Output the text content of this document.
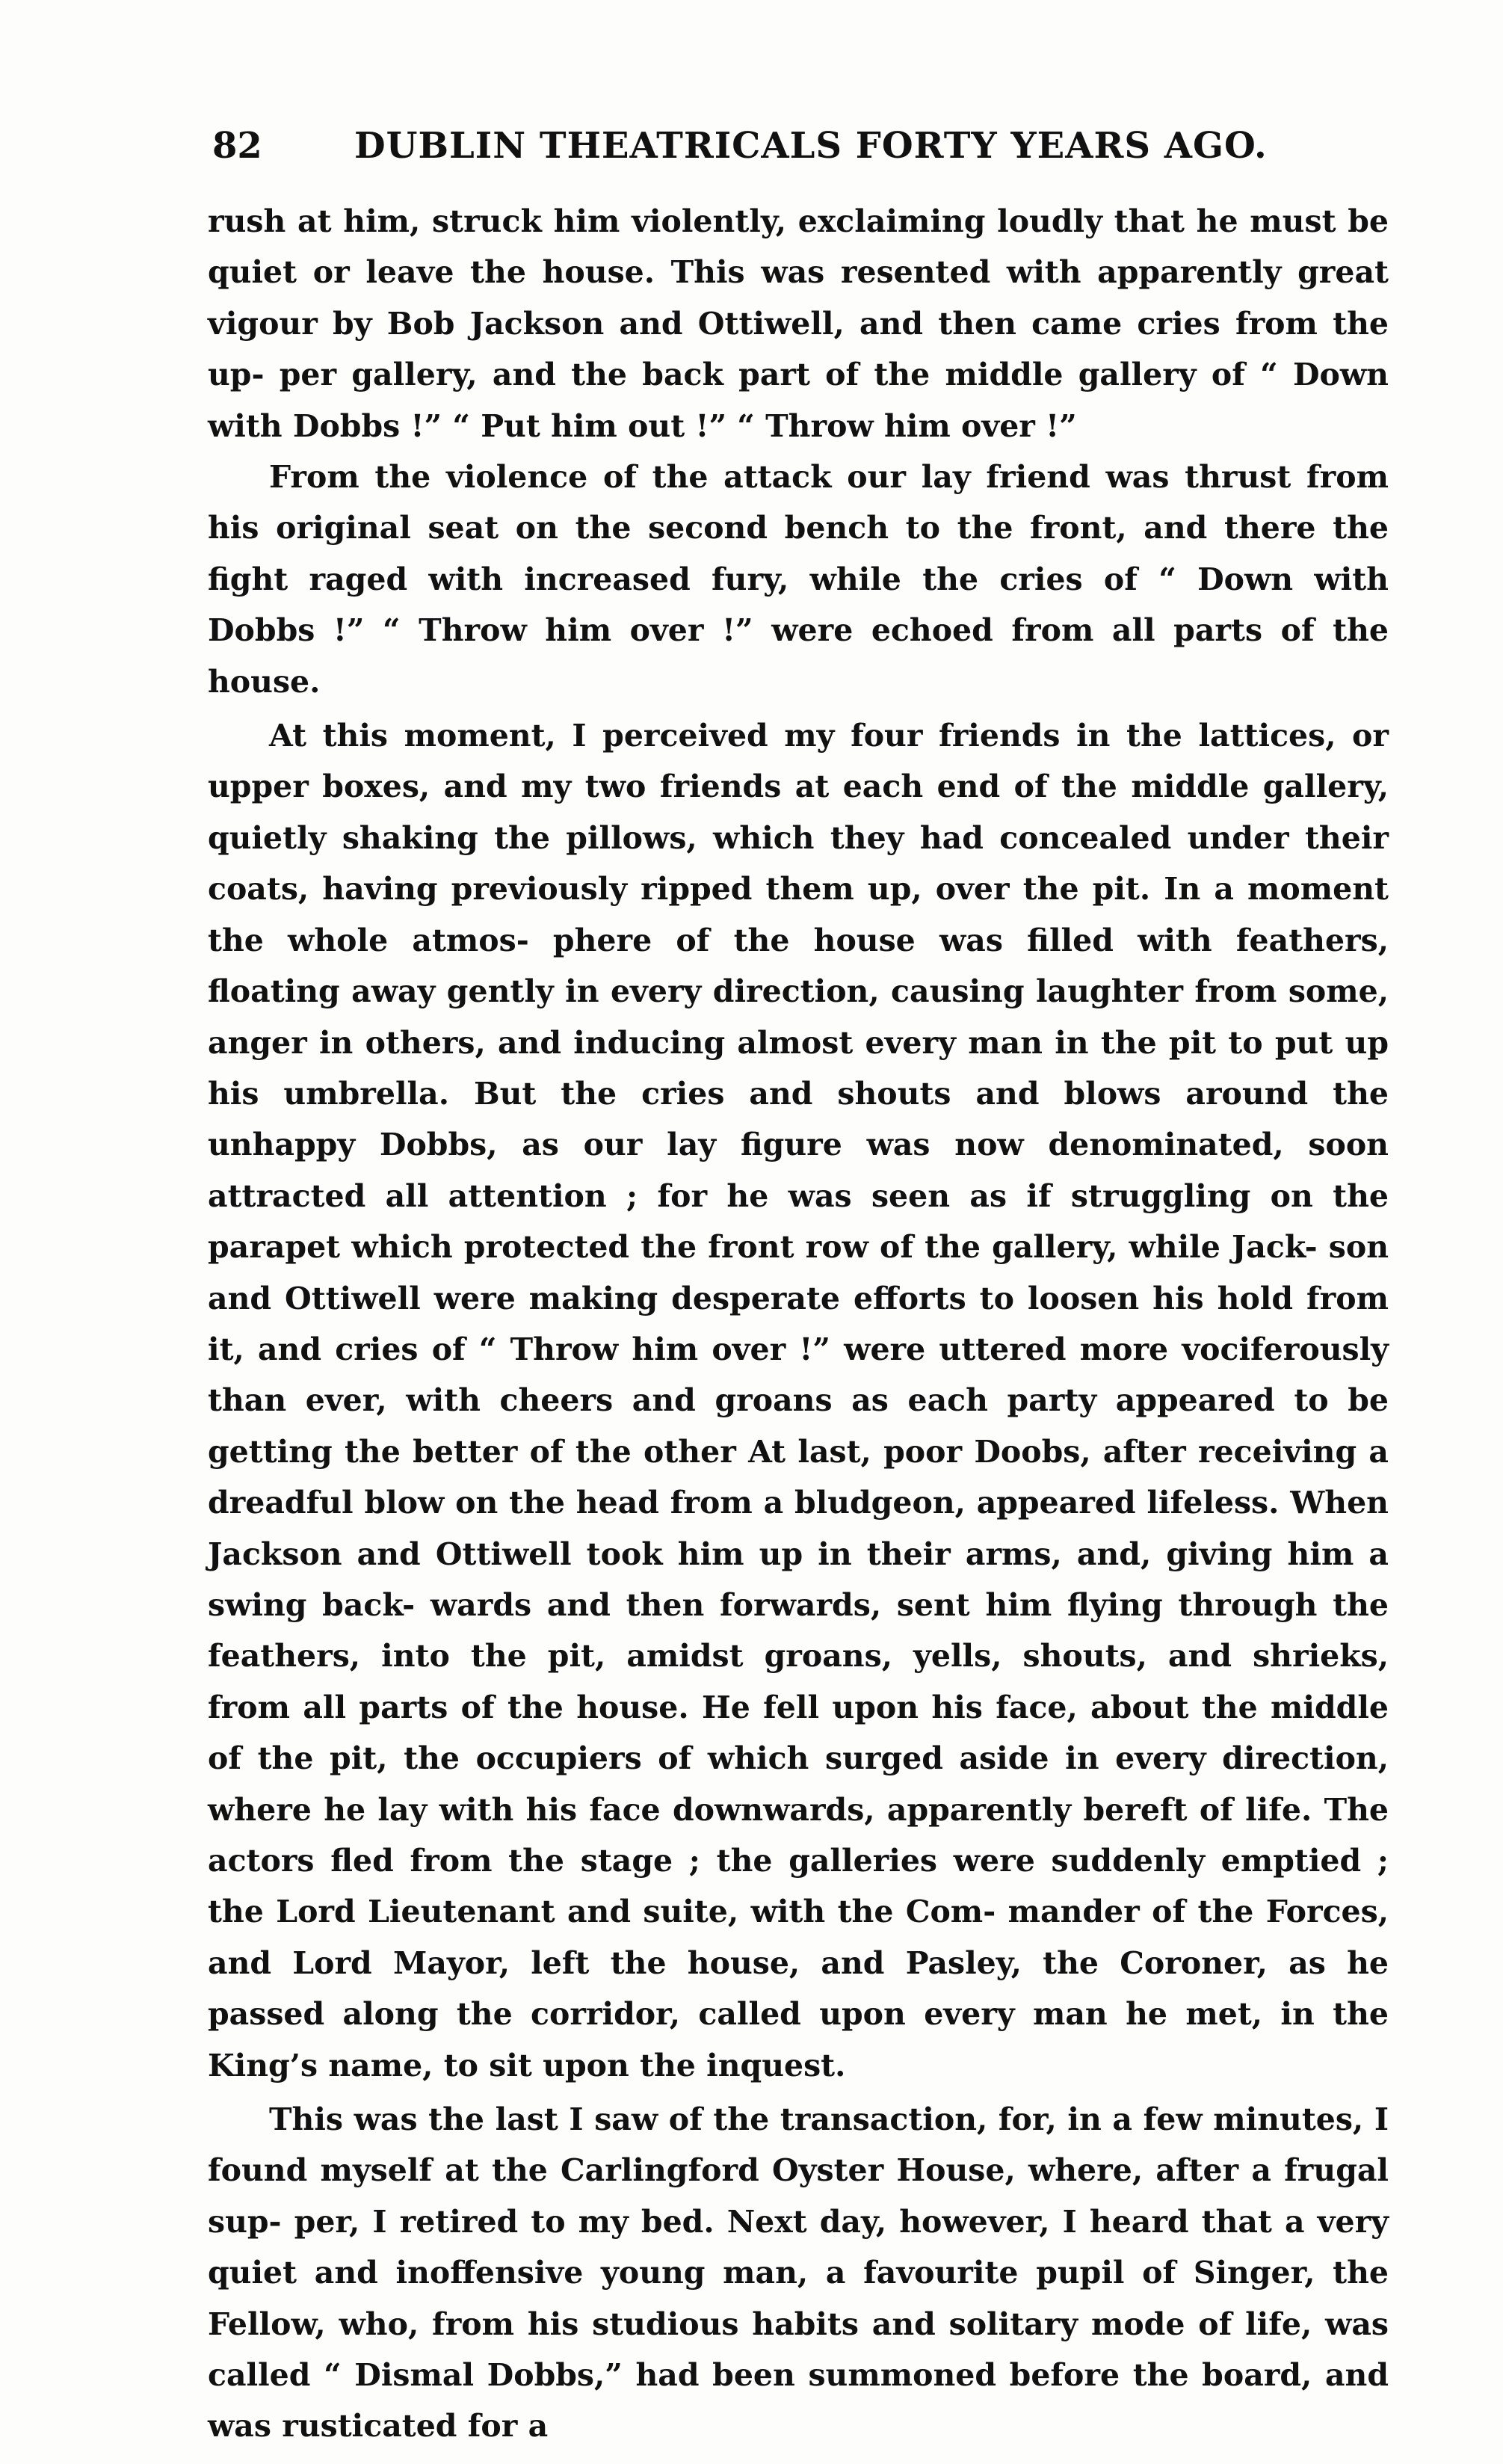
82	DUBLIN THEATRICALS FORTY YEARS AGO.

rush at him, struck him violently, exclaiming loudly that he must be quiet or leave the house. This was resented with apparently great vigour by Bob Jackson and Ottiwell, and then came cries from the up- per gallery, and the back part of the middle gallery of “ Down with Dobbs !” “ Put him out !” “ Throw him over !”

From the violence of the attack our lay friend was thrust from his original seat on the second bench to the front, and there the fight raged with increased fury, while the cries of “ Down with Dobbs !” “ Throw him over !” were echoed from all parts of the house.

At this moment, I perceived my four friends in the lattices, or upper boxes, and my two friends at each end of the middle gallery, quietly shaking the pillows, which they had concealed under their coats, having previously ripped them up, over the pit. In a moment the whole atmos- phere of the house was filled with feathers, floating away gently in every direction, causing laughter from some, anger in others, and inducing almost every man in the pit to put up his umbrella. But the cries and shouts and blows around the unhappy Dobbs, as our lay figure was now denominated, soon attracted all attention ; for he was seen as if struggling on the parapet which protected the front row of the gallery, while Jack- son and Ottiwell were making desperate efforts to loosen his hold from it, and cries of “ Throw him over !” were uttered more vociferously than ever, with cheers and groans as each party appeared to be getting the better of the other At last, poor Doobs, after receiving a dreadful blow on the head from a bludgeon, appeared lifeless. When Jackson and Ottiwell took him up in their arms, and, giving him a swing back- wards and then forwards, sent him flying through the feathers, into the pit, amidst groans, yells, shouts, and shrieks, from all parts of the house. He fell upon his face, about the middle of the pit, the occupiers of which surged aside in every direction, where he lay with his face downwards, apparently bereft of life. The actors fled from the stage ; the galleries were suddenly emptied ; the Lord Lieutenant and suite, with the Com- mander of the Forces, and Lord Mayor, left the house, and Pasley, the Coroner, as he passed along the corridor, called upon every man he met, in the King’s name, to sit upon the inquest.

This was the last I saw of the transaction, for, in a few minutes, I found myself at the Carlingford Oyster House, where, after a frugal sup- per, I retired to my bed. Next day, however, I heard that a very quiet and inoffensive young man, a favourite pupil of Singer, the Fellow, who, from his studious habits and solitary mode of life, was called “ Dismal Dobbs,” had been summoned before the board, and was rusticated for a
